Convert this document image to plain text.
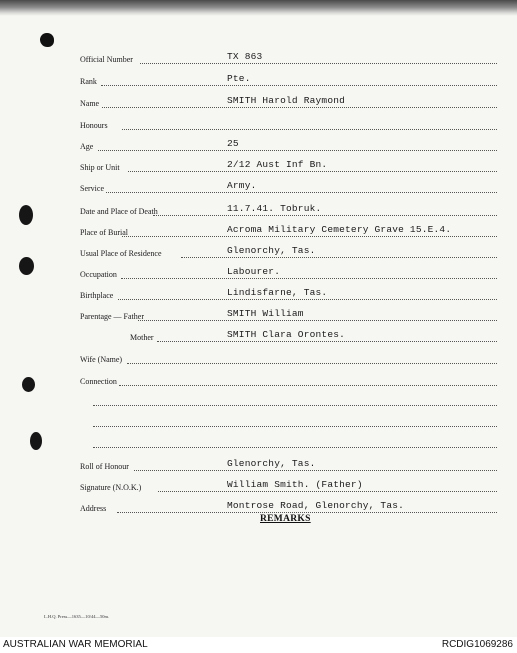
Official Number	TX 863
Rank	Pte.
Name	SMITH Harold Raymond
Honours
Age	25
Ship or Unit	2/12 Aust Inf Bn.
Service	Army.
Date and Place of Death	11.7.41. Tobruk.
Place of Burial	Acroma Military Cemetery Grave 15.E.4.
Usual Place of Residence	Glenorchy, Tas.
Occupation	Labourer.
Birthplace	Lindisfarne, Tas.
Parentage — Father	SMITH William
Mother	SMITH Clara Orontes.
Wife (Name)
Connection
Roll of Honour	Glenorchy, Tas.
Signature (N.O.K.)	William Smith. (Father)
Address	Montrose Road, Glenorchy, Tas.
REMARKS
L.H.Q. Press—1635—10/44—50m.
AUSTRALIAN WAR MEMORIAL	RCDIG1069286
